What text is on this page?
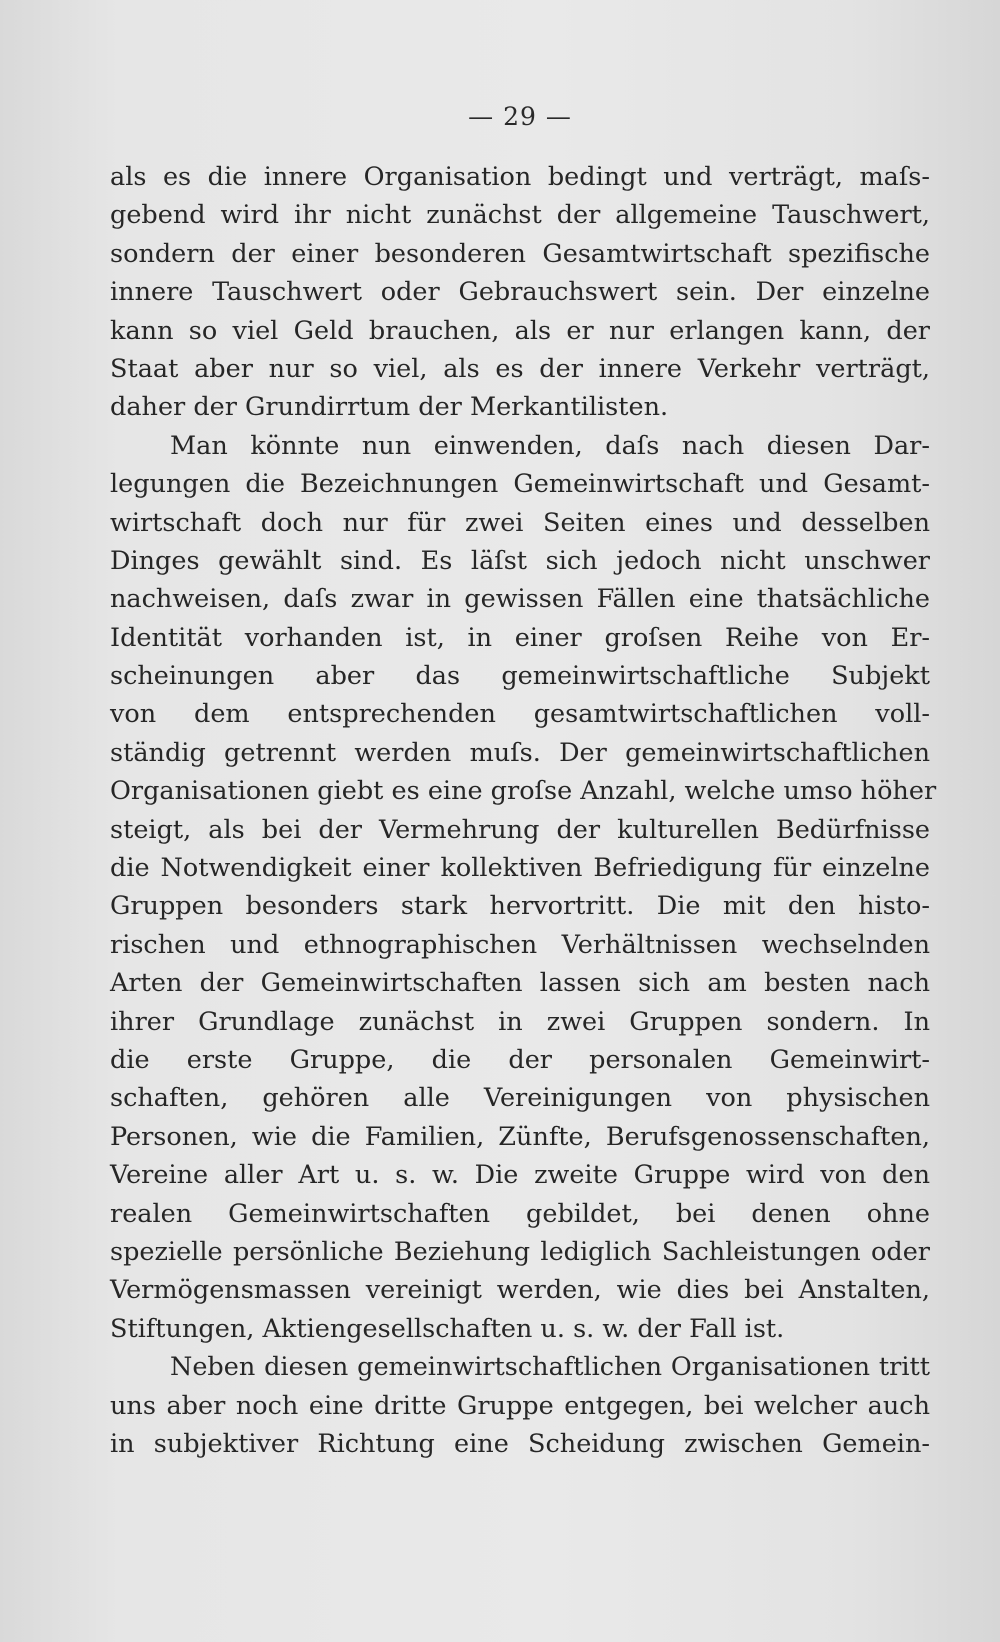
— 29 —
als es die innere Organisation bedingt und verträgt, maſs-
gebend wird ihr nicht zunächst der allgemeine Tauschwert,
sondern der einer besonderen Gesamtwirtschaft spezifische
innere Tauschwert oder Gebrauchswert sein. Der einzelne
kann so viel Geld brauchen, als er nur erlangen kann, der
Staat aber nur so viel, als es der innere Verkehr verträgt,
daher der Grundirrtum der Merkantilisten.
Man könnte nun einwenden, daſs nach diesen Dar-
legungen die Bezeichnungen Gemeinwirtschaft und Gesamt-
wirtschaft doch nur für zwei Seiten eines und desselben
Dinges gewählt sind. Es läſst sich jedoch nicht unschwer
nachweisen, daſs zwar in gewissen Fällen eine thatsächliche
Identität vorhanden ist, in einer groſsen Reihe von Er-
scheinungen aber das gemeinwirtschaftliche Subjekt
von dem entsprechenden gesamtwirtschaftlichen voll-
ständig getrennt werden muſs. Der gemeinwirtschaftlichen
Organisationen giebt es eine groſse Anzahl, welche umso höher
steigt, als bei der Vermehrung der kulturellen Bedürfnisse
die Notwendigkeit einer kollektiven Befriedigung für einzelne
Gruppen besonders stark hervortritt. Die mit den histo-
rischen und ethnographischen Verhältnissen wechselnden
Arten der Gemeinwirtschaften lassen sich am besten nach
ihrer Grundlage zunächst in zwei Gruppen sondern. In
die erste Gruppe, die der personalen Gemeinwirt-
schaften, gehören alle Vereinigungen von physischen
Personen, wie die Familien, Zünfte, Berufsgenossenschaften,
Vereine aller Art u. s. w. Die zweite Gruppe wird von den
realen Gemeinwirtschaften gebildet, bei denen ohne
spezielle persönliche Beziehung lediglich Sachleistungen oder
Vermögensmassen vereinigt werden, wie dies bei Anstalten,
Stiftungen, Aktiengesellschaften u. s. w. der Fall ist.
Neben diesen gemeinwirtschaftlichen Organisationen tritt
uns aber noch eine dritte Gruppe entgegen, bei welcher auch
in subjektiver Richtung eine Scheidung zwischen Gemein-
